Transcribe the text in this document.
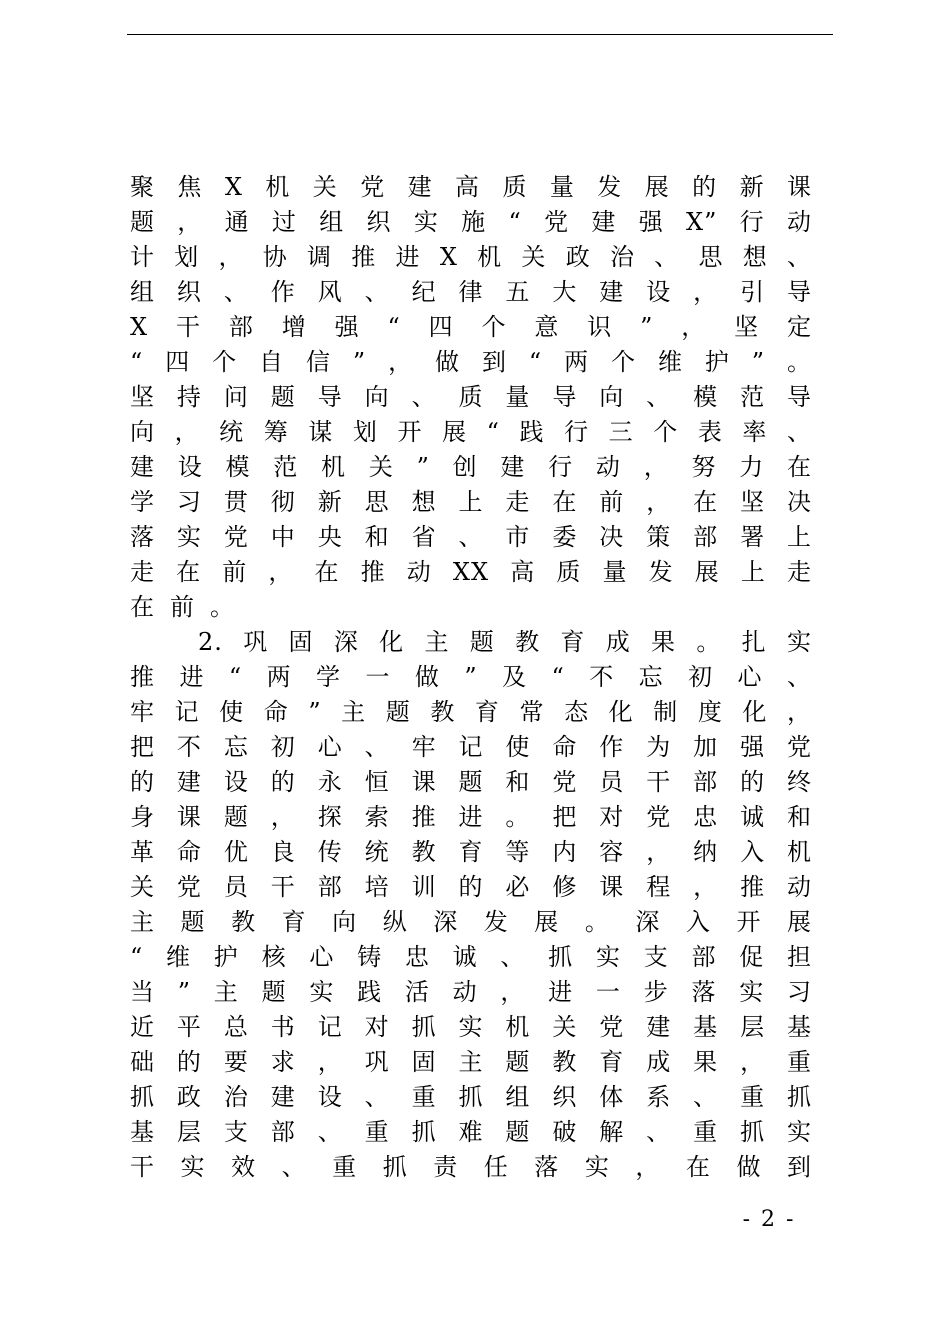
聚焦X机关党建高质量发展的新课
题，通过组织实施“党建强X”行动
计划，协调推进X机关政治、思想、
组织、作风、纪律五大建设，引导
X干部增强“四个意识”，坚定
“四个自信”，做到“两个维护”。
坚持问题导向、质量导向、模范导
向，统筹谋划开展“践行三个表率、
建设模范机关”创建行动，努力在
学习贯彻新思想上走在前，在坚决
落实党中央和省、市委决策部署上
走在前，在推动XX高质量发展上走
在前。
2.巩固深化主题教育成果。扎实
推进“两学一做”及“不忘初心、
牢记使命”主题教育常态化制度化，
把不忘初心、牢记使命作为加强党
的建设的永恒课题和党员干部的终
身课题，探索推进。把对党忠诚和
革命优良传统教育等内容，纳入机
关党员干部培训的必修课程，推动
主题教育向纵深发展。深入开展
“维护核心铸忠诚、抓实支部促担
当”主题实践活动，进一步落实习
近平总书记对抓实机关党建基层基
础的要求，巩固主题教育成果，重
抓政治建设、重抓组织体系、重抓
基层支部、重抓难题破解、重抓实
干实效、重抓责任落实，在做到
- 2 -
